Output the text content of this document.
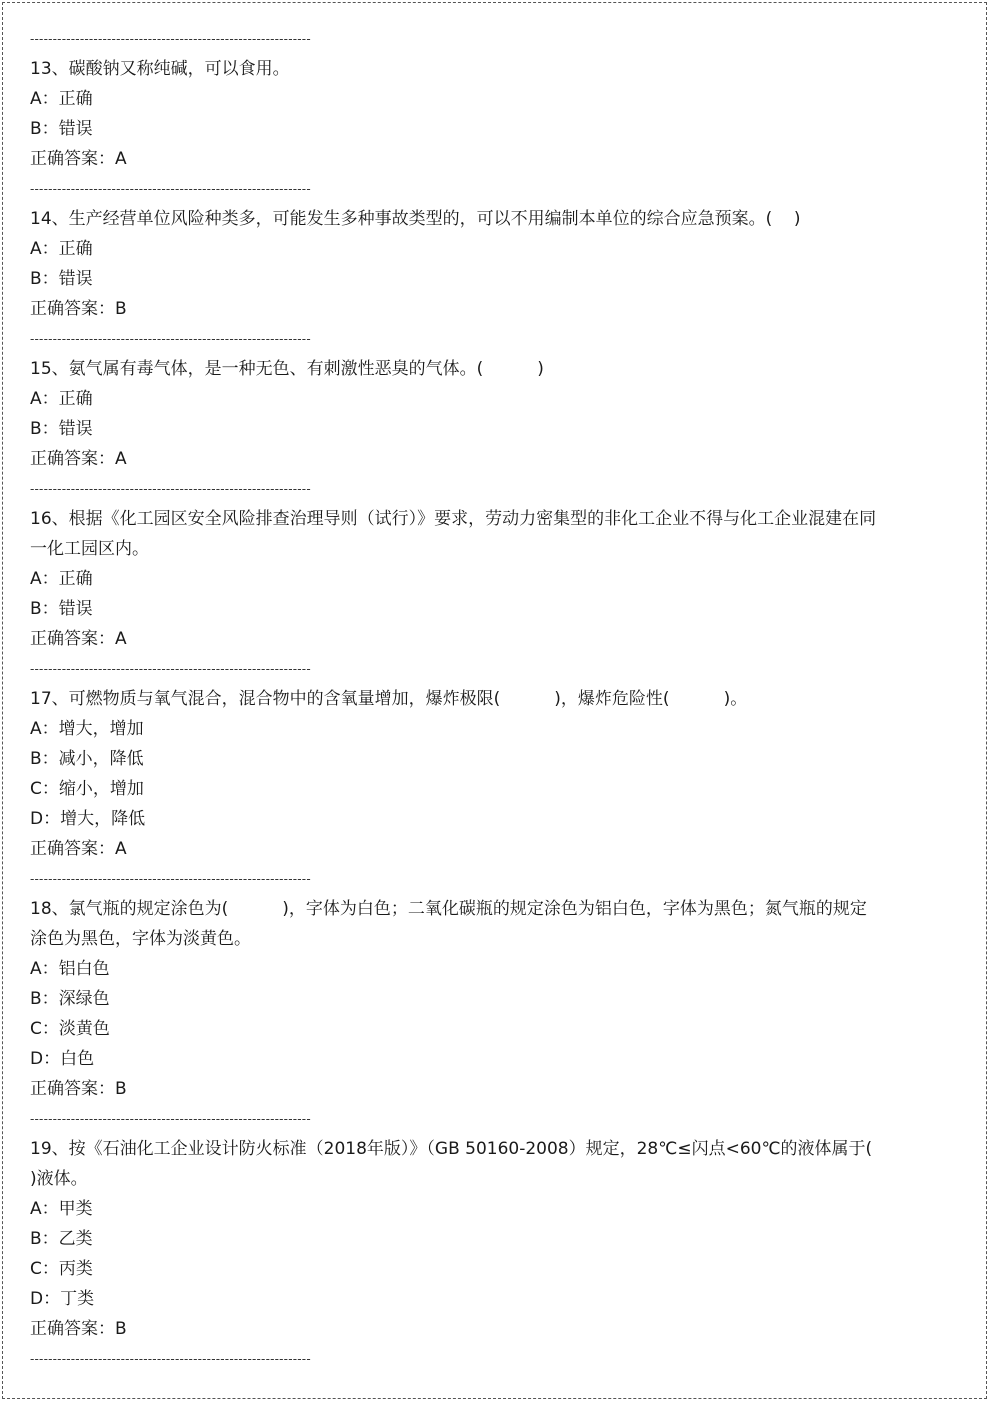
--------------------------------------------------------------
13、碳酸钠又称纯碱，可以食用。
A：正确
B：错误
正确答案：A
--------------------------------------------------------------
14、生产经营单位风险种类多，可能发生多种事故类型的，可以不用编制本单位的综合应急预案。(    )
A：正确
B：错误
正确答案：B
--------------------------------------------------------------
15、氨气属有毒气体，是一种无色、有刺激性恶臭的气体。(          )
A：正确
B：错误
正确答案：A
--------------------------------------------------------------
16、根据《化工园区安全风险排查治理导则（试行）》要求，劳动力密集型的非化工企业不得与化工企业混建在同一化工园区内。
A：正确
B：错误
正确答案：A
--------------------------------------------------------------
17、可燃物质与氧气混合，混合物中的含氧量增加，爆炸极限(          )，爆炸危险性(          )。
A：增大，增加
B：减小，降低
C：缩小，增加
D：增大，降低
正确答案：A
--------------------------------------------------------------
18、氯气瓶的规定涂色为(          )，字体为白色；二氧化碳瓶的规定涂色为铝白色，字体为黑色；氮气瓶的规定涂色为黑色，字体为淡黄色。
A：铝白色
B：深绿色
C：淡黄色
D：白色
正确答案：B
--------------------------------------------------------------
19、按《石油化工企业设计防火标准（2018年版）》（GB 50160-2008）规定，28℃≤闪点<60℃的液体属于(          )液体。
A：甲类
B：乙类
C：丙类
D：丁类
正确答案：B
--------------------------------------------------------------
